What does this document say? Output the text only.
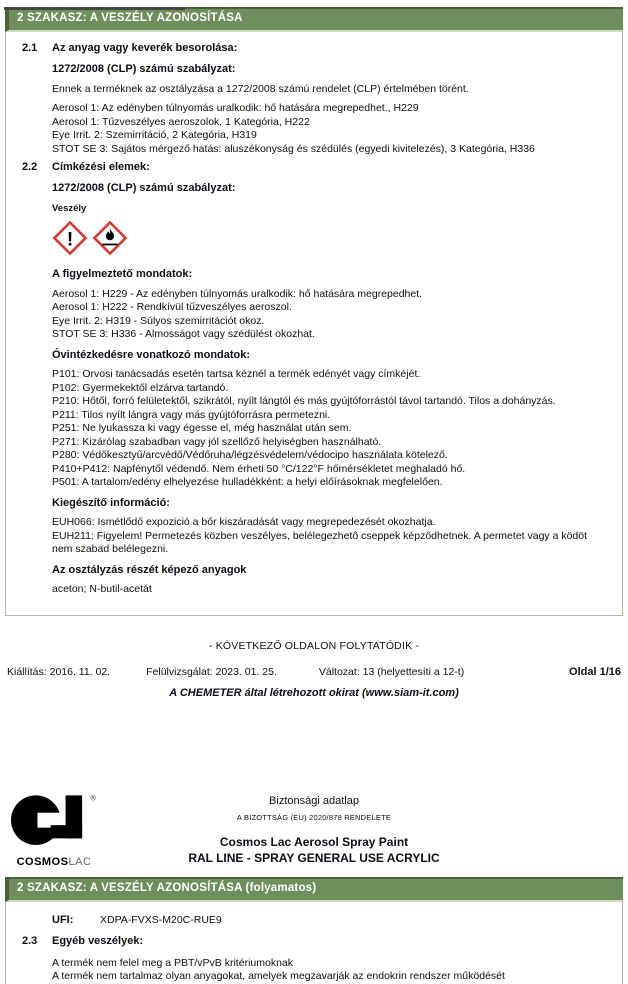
2 SZAKASZ: A VESZÉLY AZONOSÍTÁSA
2.1	Az anyag vagy keverék besorolása:
1272/2008 (CLP) számú szabályzat:
Ennek a terméknek az osztályzása a 1272/2008 számú rendelet (CLP) értelmében törént.
Aerosol 1: Az edényben túlnyomás uralkodik: hő hatására megrepedhet., H229
Aerosol 1: Tűzveszélyes aeroszolok, 1 Kategória, H222
Eye Irrit. 2: Szemirritáció, 2 Kategória, H319
STOT SE 3: Sajátos mérgező hatás: aluszékonyság és szédülés (egyedi kivitelezés), 3 Kategória, H336
2.2	Címkézési elemek:
1272/2008 (CLP) számú szabályzat:
Veszély
!
A figyelmeztető mondatok:
Aerosol 1: H229 - Az edényben túlnyomás uralkodik: hő hatására megrepedhet.
Aerosol 1: H222 - Rendkívül tűzveszélyes aeroszol.
Eye Irrit. 2: H319 - Súlyos szemirritációt okoz.
STOT SE 3: H336 - Almosságot vagy szédülést okozhat.
Óvintézkedésre vonatkozó mondatok:
P101: Orvosi tanácsadás esetén tartsa kéznél a termék edényét vagy címkéjét.
P102: Gyermekektől elzárva tartandó.
P210: Hőtől, forró felületektől, szikrától, nyílt lángtól és más gyújtóforrástól távol tartandó. Tilos a dohányzás.
P211: Tilos nyílt lángra vagy más gyújtóforrásra permetezni.
P251: Ne lyukassza ki vagy égesse el, még használat után sem.
P271: Kizárólag szabadban vagy jól szellőző helyiségben használható.
P280: Védőkesztyű/arcvédő/Védőruha/légzésvédelem/védocipo használata kötelező.
P410+P412: Napfénytől védendő. Nem érheti 50 °C/122°F hőmérsékletet meghaladó hő.
P501: A tartalom/edény elhelyezése hulladékként: a helyi előírásoknak megfelelően.
Kiegészítő információ:
EUH066: Ismétlődő expozició a bőr kiszáradását vagy megrepedezését okozhatja.
EUH211: Figyelem! Permetezés közben veszélyes, belélegezhetô cseppek képződhetnek. A permetet vagy a ködöt nem szabad belélegezni.
Az osztályzás részét képező anyagok
aceton; N-butil-acetát
- KÖVETKEZŐ OLDALON FOLYTATÓDIK -
Kiállítás: 2016. 11. 02.	Felülvizsgálat: 2023. 01. 25.	Változat: 13 (helyettesíti a 12-t)	Oldal 1/16
A CHEMETER által létrehozott okirat (www.siam-it.com)
®
COSMOSLAC
Biztonsági adatlap
A BIZOTTSÁG (EU) 2020/878 RENDELETE
Cosmos Lac Aerosol Spray Paint
RAL LINE - SPRAY GENERAL USE ACRYLIC
2 SZAKASZ: A VESZÉLY AZONOSÍTÁSA (folyamatos)
UFI:	XDPA-FVXS-M20C-RUE9
2.3	Egyéb veszélyek:
A termék nem felel meg a PBT/vPvB kritériumoknak
A termék nem tartalmaz olyan anyagokat, amelyek megzavarják az endokrin rendszer működését
